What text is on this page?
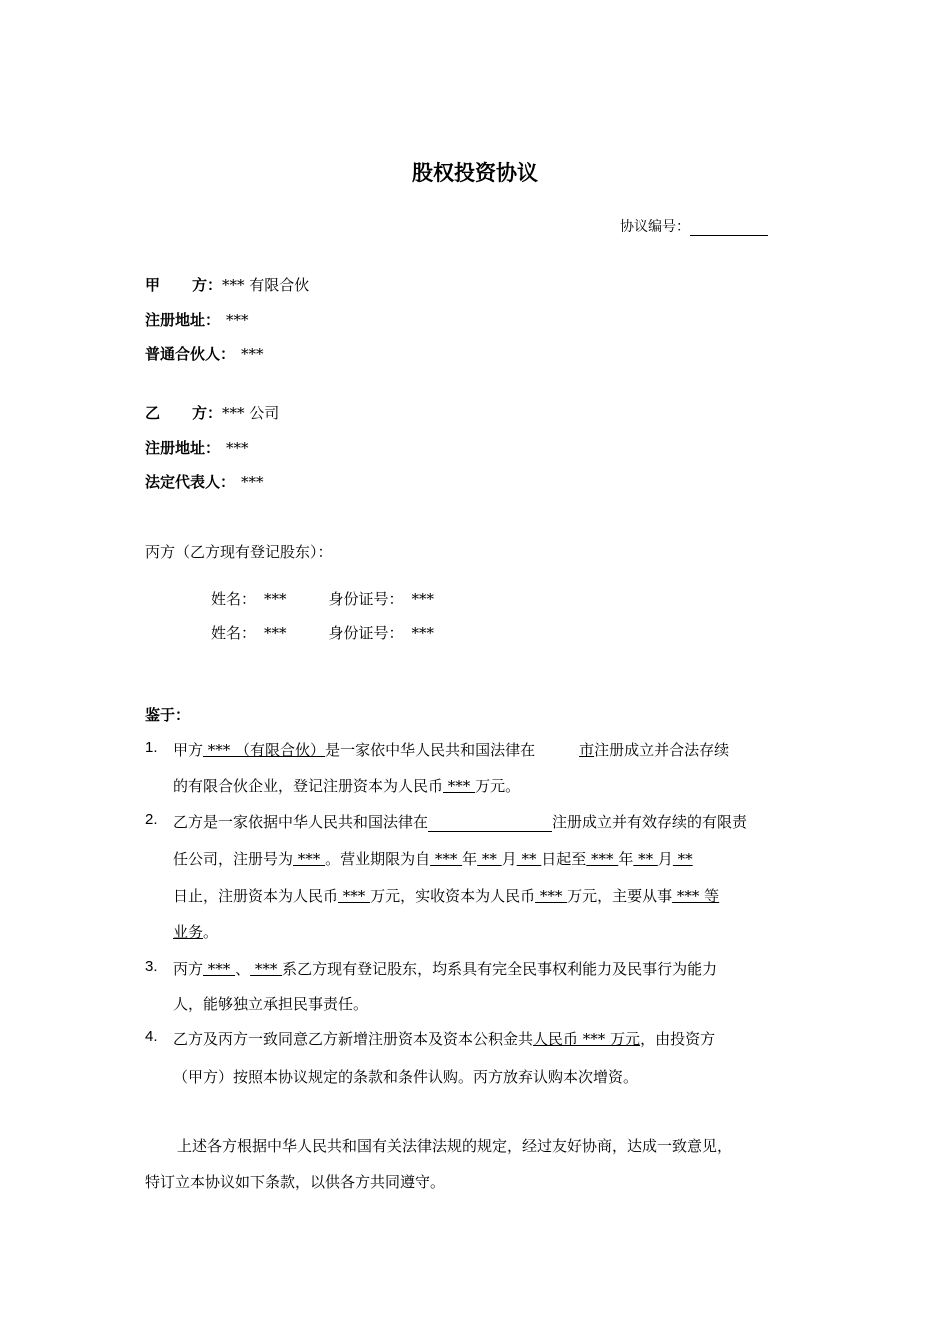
股权投资协议
协议编号：
甲 方：*** 有限合伙
注册地址： ***
普通合伙人： ***
乙 方：*** 公司
注册地址： ***
法定代表人： ***
丙方（乙方现有登记股东）：
姓名： ***	身份证号： ***
姓名： ***	身份证号： ***
鉴于：
1. 甲方 *** （有限合伙）是一家依中华人民共和国法律在	市注册成立并合法存续
的有限合伙企业，登记注册资本为人民币 *** 万元。
2. 乙方是一家依据中华人民共和国法律在	注册成立并有效存续的有限责
任公司，注册号为 *** 。营业期限为自 *** 年 ** 月 ** 日起至 *** 年 ** 月 **
日止，注册资本为人民币 *** 万元，实收资本为人民币 *** 万元，主要从事 *** 等
业务。
3. 丙方 *** 、 *** 系乙方现有登记股东，均系具有完全民事权利能力及民事行为能力
人，能够独立承担民事责任。
4. 乙方及丙方一致同意乙方新增注册资本及资本公积金共人民币 *** 万元，由投资方
（甲方）按照本协议规定的条款和条件认购。丙方放弃认购本次增资。
上述各方根据中华人民共和国有关法律法规的规定，经过友好协商，达成一致意见，
特订立本协议如下条款，以供各方共同遵守。
